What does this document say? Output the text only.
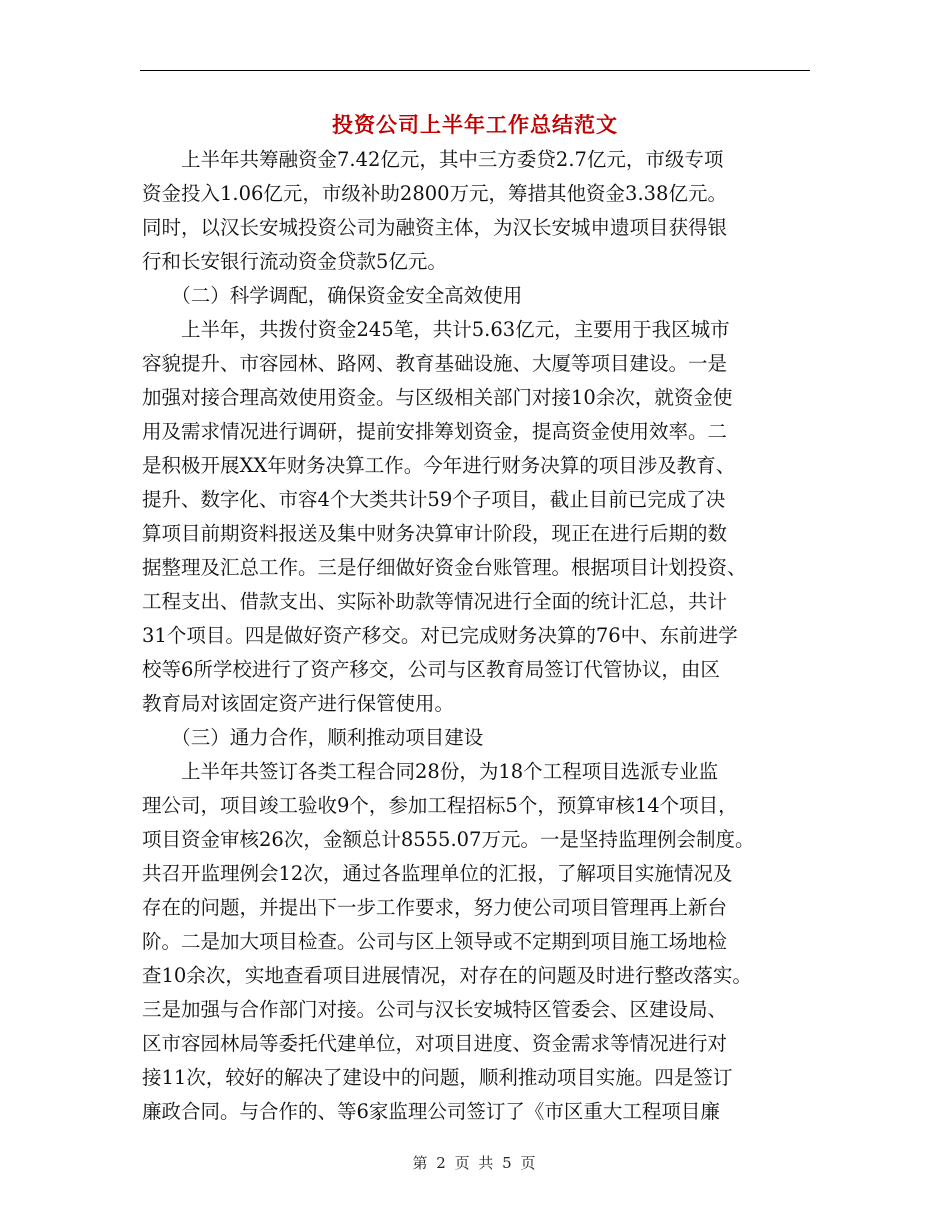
投资公司上半年工作总结范文
　　上半年共筹融资金7.42亿元，其中三方委贷2.7亿元，市级专项
资金投入1.06亿元，市级补助2800万元，筹措其他资金3.38亿元。
同时，以汉长安城投资公司为融资主体，为汉长安城申遗项目获得银
行和长安银行流动资金贷款5亿元。
　　（二）科学调配，确保资金安全高效使用
　　上半年，共拨付资金245笔，共计5.63亿元，主要用于我区城市
容貌提升、市容园林、路网、教育基础设施、大厦等项目建设。一是
加强对接合理高效使用资金。与区级相关部门对接10余次，就资金使
用及需求情况进行调研，提前安排筹划资金，提高资金使用效率。二
是积极开展XX年财务决算工作。今年进行财务决算的项目涉及教育、
提升、数字化、市容4个大类共计59个子项目，截止目前已完成了决
算项目前期资料报送及集中财务决算审计阶段，现正在进行后期的数
据整理及汇总工作。三是仔细做好资金台账管理。根据项目计划投资、
工程支出、借款支出、实际补助款等情况进行全面的统计汇总，共计
31个项目。四是做好资产移交。对已完成财务决算的76中、东前进学
校等6所学校进行了资产移交，公司与区教育局签订代管协议，由区
教育局对该固定资产进行保管使用。
　　（三）通力合作，顺利推动项目建设
　　上半年共签订各类工程合同28份，为18个工程项目选派专业监
理公司，项目竣工验收9个，参加工程招标5个，预算审核14个项目，
项目资金审核26次，金额总计8555.07万元。一是坚持监理例会制度。
共召开监理例会12次，通过各监理单位的汇报，了解项目实施情况及
存在的问题，并提出下一步工作要求，努力使公司项目管理再上新台
阶。二是加大项目检查。公司与区上领导或不定期到项目施工场地检
查10余次，实地查看项目进展情况，对存在的问题及时进行整改落实。
三是加强与合作部门对接。公司与汉长安城特区管委会、区建设局、
区市容园林局等委托代建单位，对项目进度、资金需求等情况进行对
接11次，较好的解决了建设中的问题，顺利推动项目实施。四是签订
廉政合同。与合作的、等6家监理公司签订了《市区重大工程项目廉
第 2 页 共 5 页
